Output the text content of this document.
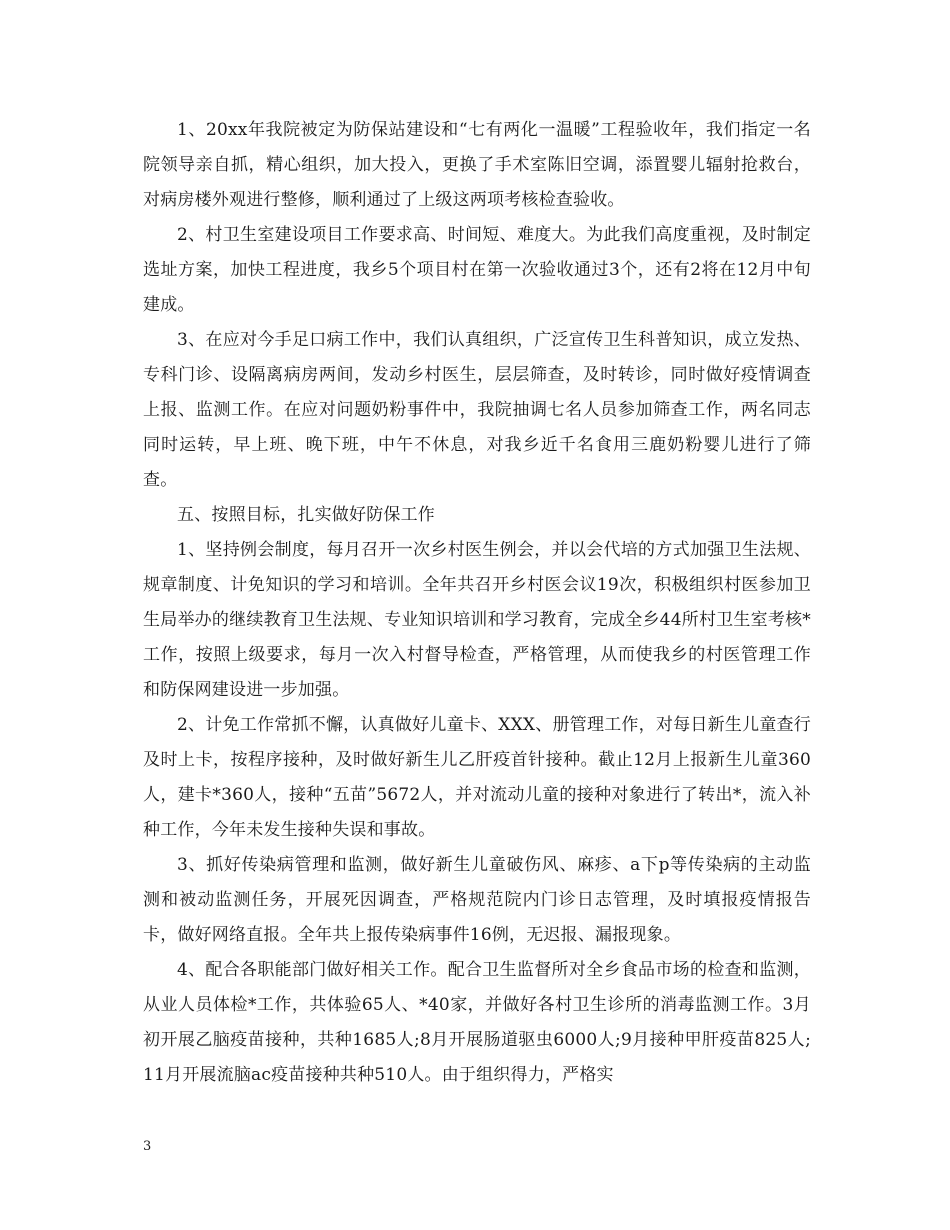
1、20xx年我院被定为防保站建设和“七有两化一温暖”工程验收年，我们指定一名院领导亲自抓，精心组织，加大投入，更换了手术室陈旧空调，添置婴儿辐射抢救台，对病房楼外观进行整修，顺利通过了上级这两项考核检查验收。

2、村卫生室建设项目工作要求高、时间短、难度大。为此我们高度重视，及时制定选址方案，加快工程进度，我乡5个项目村在第一次验收通过3个，还有2将在12月中旬建成。

3、在应对今手足口病工作中，我们认真组织，广泛宣传卫生科普知识，成立发热、专科门诊、设隔离病房两间，发动乡村医生，层层筛查，及时转诊，同时做好疫情调查上报、监测工作。在应对问题奶粉事件中，我院抽调七名人员参加筛查工作，两名同志同时运转，早上班、晚下班，中午不休息，对我乡近千名食用三鹿奶粉婴儿进行了筛查。

五、按照目标，扎实做好防保工作

1、坚持例会制度，每月召开一次乡村医生例会，并以会代培的方式加强卫生法规、规章制度、计免知识的学习和培训。全年共召开乡村医会议19次，积极组织村医参加卫生局举办的继续教育卫生法规、专业知识培训和学习教育，完成全乡44所村卫生室考核*工作，按照上级要求，每月一次入村督导检查，严格管理，从而使我乡的村医管理工作和防保网建设进一步加强。

2、计免工作常抓不懈，认真做好儿童卡、XXX、册管理工作，对每日新生儿童查行及时上卡，按程序接种，及时做好新生儿乙肝疫首针接种。截止12月上报新生儿童360人，建卡*360人，接种“五苗”5672人，并对流动儿童的接种对象进行了转出*，流入补种工作，今年未发生接种失误和事故。

3、抓好传染病管理和监测，做好新生儿童破伤风、麻疹、a下p等传染病的主动监测和被动监测任务，开展死因调查，严格规范院内门诊日志管理，及时填报疫情报告卡，做好网络直报。全年共上报传染病事件16例，无迟报、漏报现象。

4、配合各职能部门做好相关工作。配合卫生监督所对全乡食品市场的检查和监测，从业人员体检*工作，共体验65人、*40家，并做好各村卫生诊所的消毒监测工作。3月初开展乙脑疫苗接种，共种1685人;8月开展肠道驱虫6000人;9月接种甲肝疫苗825人;11月开展流脑ac疫苗接种共种510人。由于组织得力，严格实

3
